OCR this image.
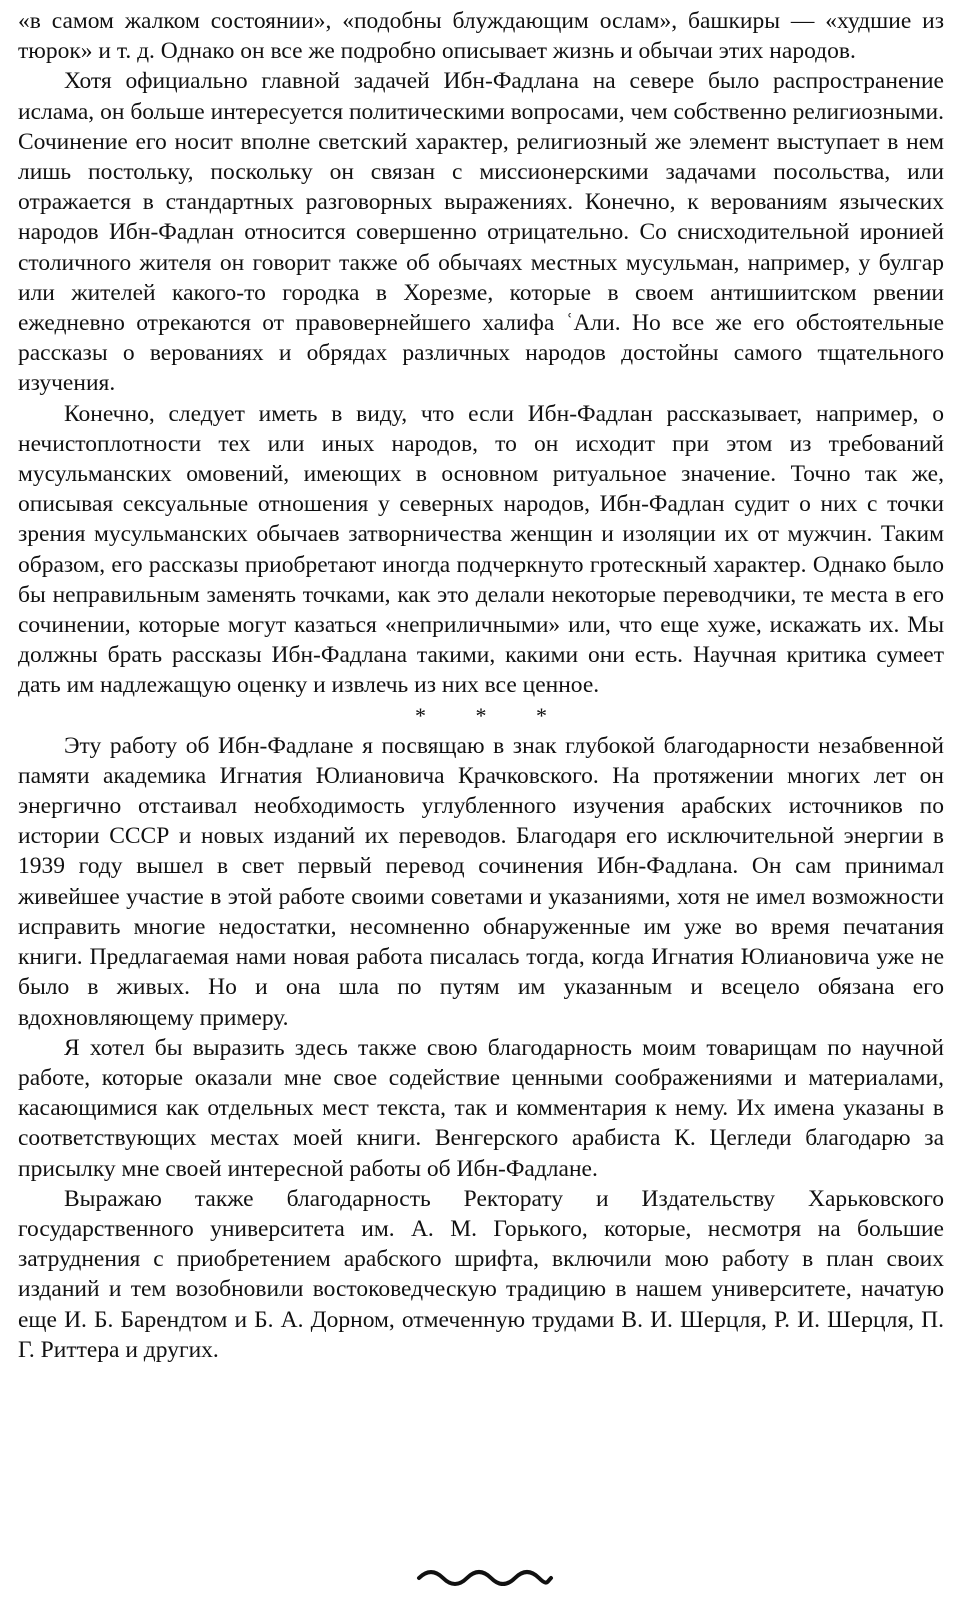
«в самом жалком состоянии», «подобны блуждающим ослам», башкиры — «худшие из тюрок» и т. д. Однако он все же подробно описывает жизнь и обычаи этих народов.

Хотя официально главной задачей Ибн-Фадлана на севере было распространение ислама, он больше интересуется политическими вопросами, чем собственно религиозными. Сочинение его носит вполне светский характер, религиозный же элемент выступает в нем лишь постольку, поскольку он связан с миссионерскими задачами посольства, или отражается в стандартных разговорных выражениях. Конечно, к верованиям языческих народов Ибн-Фадлан относится совершенно отрицательно. Со снисходительной иронией столичного жителя он говорит также об обычаях местных мусульман, например, у булгар или жителей какого-то городка в Хорезме, которые в своем антишиитском рвении ежедневно отрекаются от правовернейшего халифа ʿАли. Но все же его обстоятельные рассказы о верованиях и обрядах различных народов достойны самого тщательного изучения.

Конечно, следует иметь в виду, что если Ибн-Фадлан рассказывает, например, о нечистоплотности тех или иных народов, то он исходит при этом из требований мусульманских омовений, имеющих в основном ритуальное значение. Точно так же, описывая сексуальные отношения у северных народов, Ибн-Фадлан судит о них с точки зрения мусульманских обычаев затворничества женщин и изоляции их от мужчин. Таким образом, его рассказы приобретают иногда подчеркнуто гротескный характер. Однако было бы неправильным заменять точками, как это делали некоторые переводчики, те места в его сочинении, которые могут казаться «неприличными» или, что еще хуже, искажать их. Мы должны брать рассказы Ибн-Фадлана такими, какими они есть. Научная критика сумеет дать им надлежащую оценку и извлечь из них все ценное.

* * *

Эту работу об Ибн-Фадлане я посвящаю в знак глубокой благодарности незабвенной памяти академика Игнатия Юлиановича Крачковского. На протяжении многих лет он энергично отстаивал необходимость углубленного изучения арабских источников по истории СССР и новых изданий их переводов. Благодаря его исключительной энергии в 1939 году вышел в свет первый перевод сочинения Ибн-Фадлана. Он сам принимал живейшее участие в этой работе своими советами и указаниями, хотя не имел возможности исправить многие недостатки, несомненно обнаруженные им уже во время печатания книги. Предлагаемая нами новая работа писалась тогда, когда Игнатия Юлиановича уже не было в живых. Но и она шла по путям им указанным и всецело обязана его вдохновляющему примеру.

Я хотел бы выразить здесь также свою благодарность моим товарищам по научной работе, которые оказали мне свое содействие ценными соображениями и материалами, касающимися как отдельных мест текста, так и комментария к нему. Их имена указаны в соответствующих местах моей книги. Венгерского арабиста К. Цегледи благодарю за присылку мне своей интересной работы об Ибн-Фадлане.

Выражаю также благодарность Ректорату и Издательству Харьковского государственного университета им. А. М. Горького, которые, несмотря на большие затруднения с приобретением арабского шрифта, включили мою работу в план своих изданий и тем возобновили востоковедческую традицию в нашем университете, начатую еще И. Б. Барендтом и Б. А. Дорном, отмеченную трудами В. И. Шерцля, Р. И. Шерцля, П. Г. Риттера и других.
